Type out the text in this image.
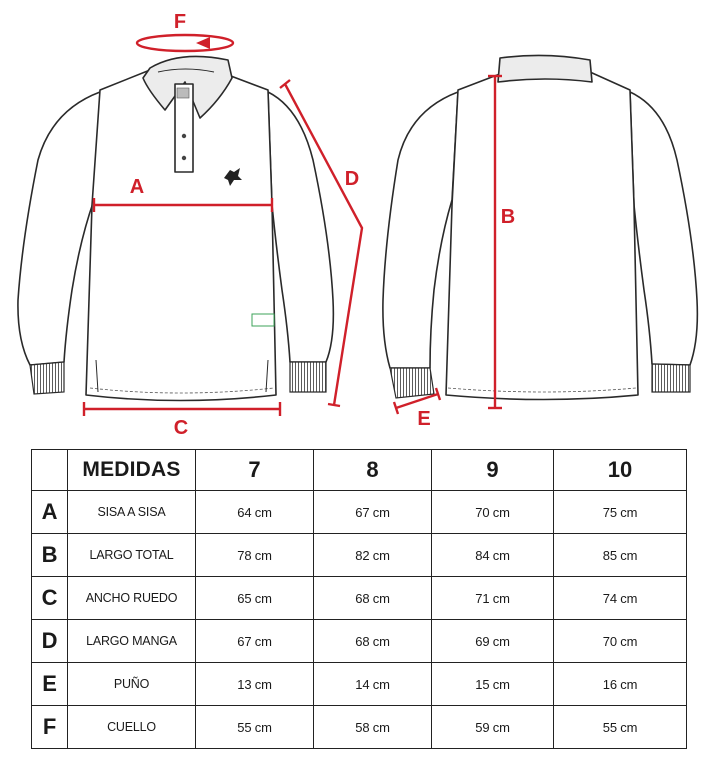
F
A
C
D
B
E
	MEDIDAS	7	8	9	10
A	SISA A SISA	64 cm	67 cm	70 cm	75 cm
B	LARGO TOTAL	78 cm	82 cm	84 cm	85 cm
C	ANCHO RUEDO	65 cm	68 cm	71 cm	74 cm
D	LARGO MANGA	67 cm	68 cm	69 cm	70 cm
E	PUÑO	13 cm	14 cm	15 cm	16 cm
F	CUELLO	55 cm	58 cm	59 cm	55 cm
